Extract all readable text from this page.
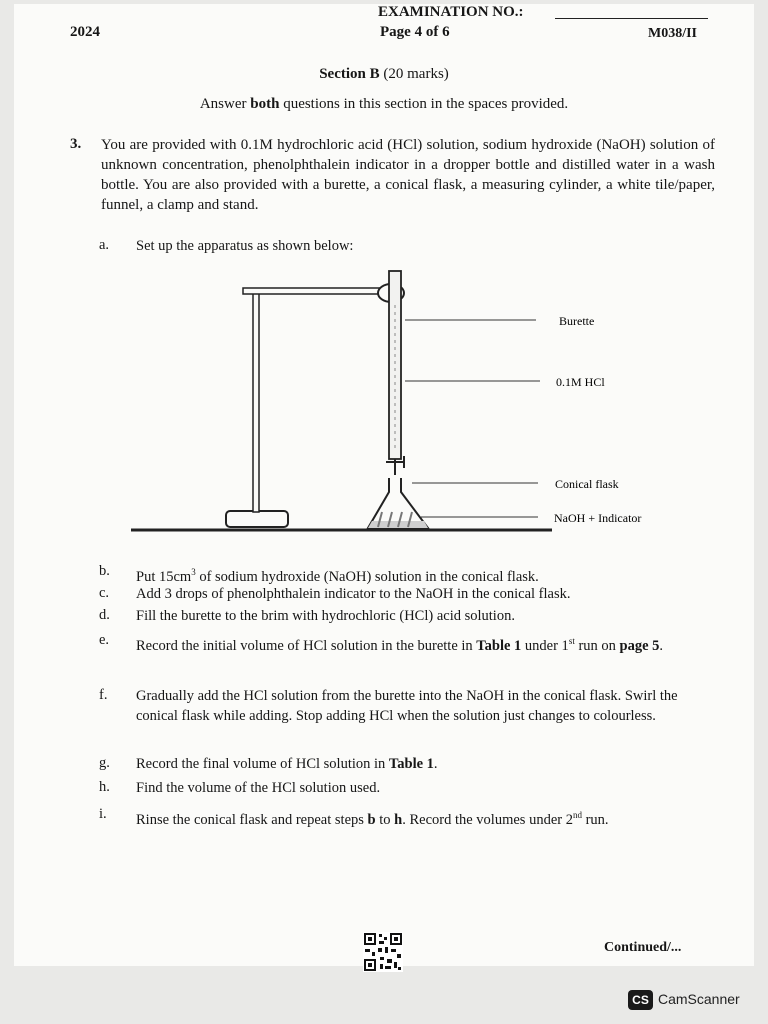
2024
EXAMINATION NO.:
Page 4 of 6	M038/II
Section B (20 marks)
Answer both questions in this section in the spaces provided.
3. You are provided with 0.1M hydrochloric acid (HCl) solution, sodium hydroxide (NaOH) solution of unknown concentration, phenolphthalein indicator in a dropper bottle and distilled water in a wash bottle. You are also provided with a burette, a conical flask, a measuring cylinder, a white tile/paper, funnel, a clamp and stand.
a. Set up the apparatus as shown below:
Burette
0.1M HCl
Conical flask
NaOH + Indicator
b. Put $15cm^3$ of sodium hydroxide (NaOH) solution in the conical flask.
c. Add 3 drops of phenolphthalein indicator to the NaOH in the conical flask.
d. Fill the burette to the brim with hydrochloric (HCl) acid solution.
e. Record the initial volume of HCl solution in the burette in Table 1 under 1st run on page 5.
f. Gradually add the HCl solution from the burette into the NaOH in the conical flask. Swirl the conical flask while adding. Stop adding HCl when the solution just changes to colourless.
g. Record the final volume of HCl solution in Table 1.
h. Find the volume of the HCl solution used.
i. Rinse the conical flask and repeat steps b to h. Record the volumes under 2nd run.
Continued/...
CS CamScanner
